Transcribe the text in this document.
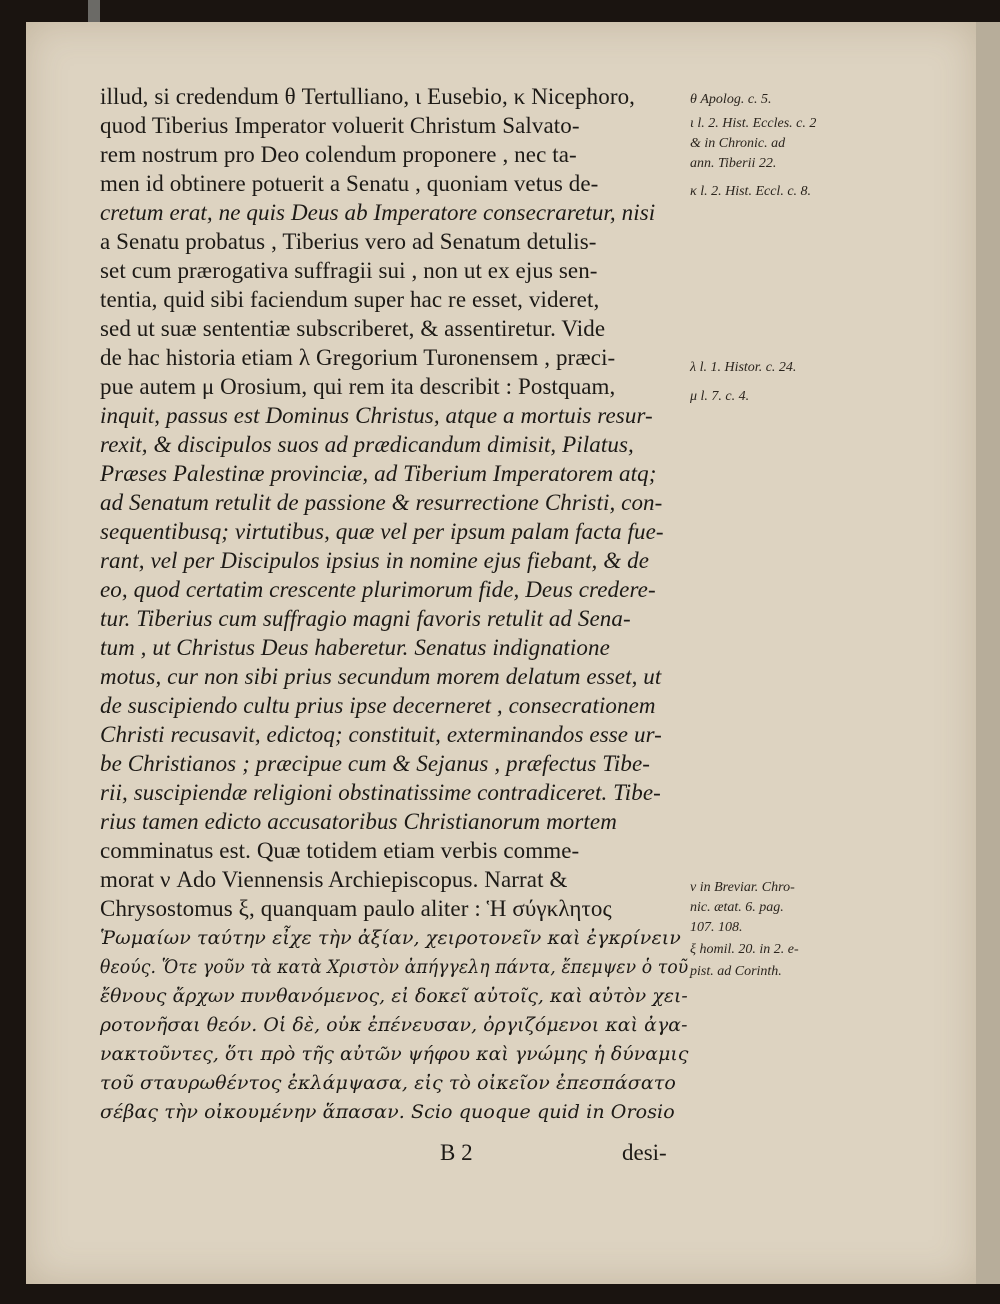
illud, si credendum θ Tertulliano, ι Eusebio, κ Nicephoro,
quod Tiberius Imperator voluerit Christum Salvato-
rem nostrum pro Deo colendum proponere , nec ta-
men id obtinere potuerit a Senatu , quoniam vetus de-
cretum erat, ne quis Deus ab Imperatore consecraretur, nisi
a Senatu probatus , Tiberius vero ad Senatum detulis-
set cum prærogativa suffragii sui , non ut ex ejus sen-
tentia, quid sibi faciendum super hac re esset, videret,
sed ut suæ sententiæ subscriberet, & assentiretur. Vide
de hac historia etiam λ Gregorium Turonensem , præci-
pue autem μ Orosium, qui rem ita describit : Postquam,
inquit, passus est Dominus Christus, atque a mortuis resur-
rexit, & discipulos suos ad prædicandum dimisit, Pilatus,
Præses Palestinæ provinciæ, ad Tiberium Imperatorem atq;
ad Senatum retulit de passione & resurrectione Christi, con-
sequentibusq; virtutibus, quæ vel per ipsum palam facta fue-
rant, vel per Discipulos ipsius in nomine ejus fiebant, & de
eo, quod certatim crescente plurimorum fide, Deus credere-
tur. Tiberius cum suffragio magni favoris retulit ad Sena-
tum , ut Christus Deus haberetur. Senatus indignatione
motus, cur non sibi prius secundum morem delatum esset, ut
de suscipiendo cultu prius ipse decerneret , consecrationem
Christi recusavit, edictoq; constituit, exterminandos esse ur-
be Christianos ; præcipue cum & Sejanus , præfectus Tibe-
rii, suscipiendæ religioni obstinatissime contradiceret. Tibe-
rius tamen edicto accusatoribus Christianorum mortem
comminatus est. Quæ totidem etiam verbis comme-
morat ν Ado Viennensis Archiepiscopus. Narrat &
Chrysostomus ξ, quanquam paulo aliter : Ἡ σύγκλητος
Ῥωμαίων ταύτην εἶχε τὴν ἀξίαν, χειροτονεῖν καὶ ἐγκρίνειν
θεούς. Ὅτε γοῦν τὰ κατὰ Χριστὸν ἀπήγγελη πάντα, ἔπεμψεν ὁ τοῦ
ἔθνους ἄρχων πυνθανόμενος, εἰ δοκεῖ αὐτοῖς, καὶ αὐτὸν χει-
ροτονῆσαι θεόν. Οἱ δὲ, οὐκ ἐπένευσαν, ὀργιζόμενοι καὶ ἀγα-
νακτοῦντες, ὅτι πρὸ τῆς αὐτῶν ψήφου καὶ γνώμης ἡ δύναμις
τοῦ σταυρωθέντος ἐκλάμψασα, εἰς τὸ οἰκεῖον ἐπεσπάσατο
σέβας τὴν οἰκουμένην ἅπασαν. Scio quoque quid in Orosio
θ Apolog. c. 5.
ι l. 2. Hist. Eccles. c. 2
& in Chronic. ad
ann. Tiberii 22.
κ l. 2. Hist. Eccl. c. 8.
λ l. 1. Histor. c. 24.
μ l. 7. c. 4.
ν in Breviar. Chro-
nic. ætat. 6. pag.
107. 108.
ξ homil. 20. in 2. e-
pist. ad Corinth.
B 2	desi-
